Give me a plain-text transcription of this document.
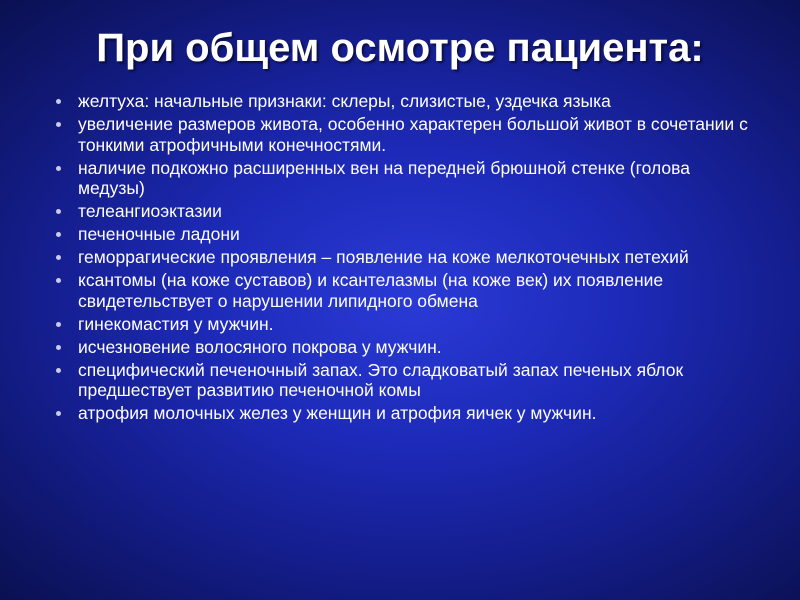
При общем осмотре пациента:
желтуха: начальные признаки: склеры, слизистые, уздечка языка
увеличение размеров живота, особенно характерен большой живот в сочетании с тонкими атрофичными конечностями.
наличие подкожно расширенных вен на передней брюшной стенке (голова медузы)
телеангиоэктазии
печеночные ладони
геморрагические проявления – появление на коже мелкоточечных петехий
ксантомы (на коже суставов) и ксантелазмы (на коже век) их появление свидетельствует о нарушении липидного обмена
гинекомастия у мужчин.
исчезновение волосяного покрова у мужчин.
специфический печеночный запах. Это сладковатый запах печеных яблок предшествует развитию печеночной комы
атрофия молочных желез у женщин и атрофия яичек у мужчин.
